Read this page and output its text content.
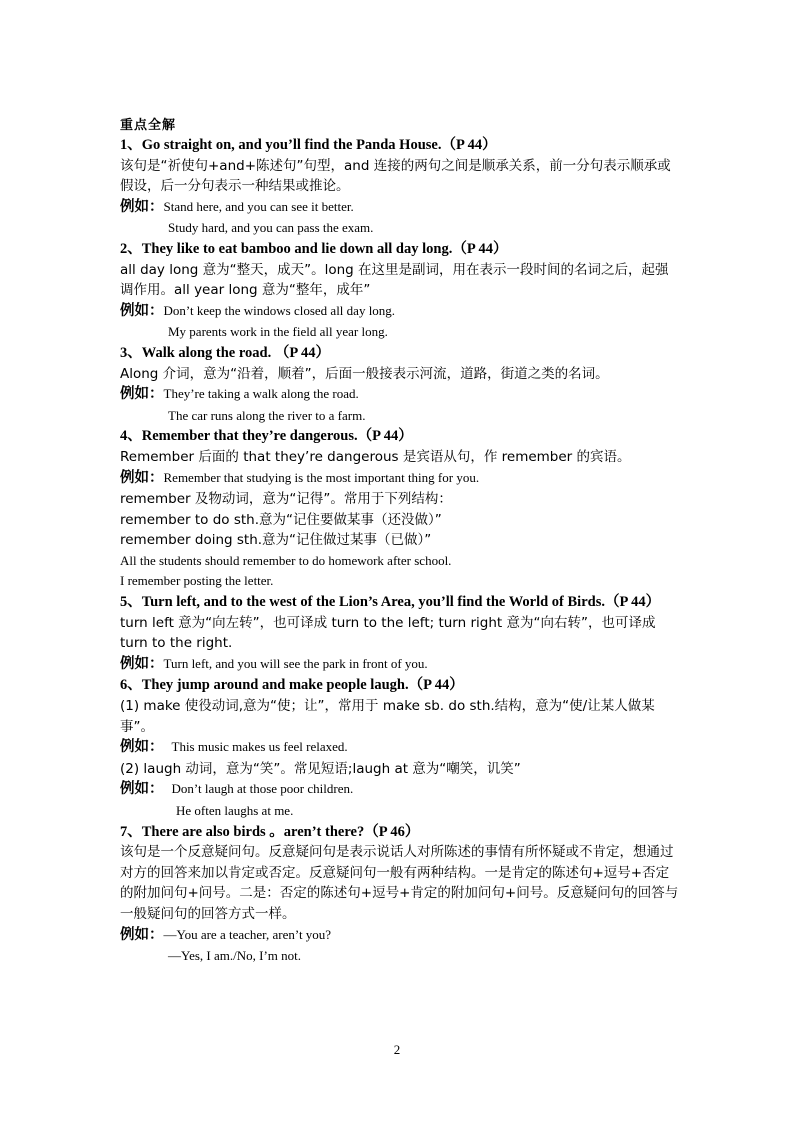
重点全解
1、Go straight on, and you’ll find the Panda House.（P 44）
该句是“祈使句+and+陈述句”句型，and 连接的两句之间是顺承关系，前一分句表示顺承或假设，后一分句表示一种结果或推论。
例如：Stand here, and you can see it better.
Study hard, and you can pass the exam.
2、They like to eat bamboo and lie down all day long.（P 44）
all day long 意为“整天，成天”。long 在这里是副词，用在表示一段时间的名词之后，起强调作用。all year long 意为“整年，成年”
例如：Don’t keep the windows closed all day long.
My parents work in the field all year long.
3、Walk along the road. （P 44）
Along 介词，意为“沿着，顺着”，后面一般接表示河流，道路，街道之类的名词。
例如：They’re taking a walk along the road.
The car runs along the river to a farm.
4、Remember that they’re dangerous.（P 44）
Remember 后面的 that they’re dangerous 是宾语从句，作 remember 的宾语。
例如：Remember that studying is the most important thing for you.
remember 及物动词，意为“记得”。常用于下列结构：
remember to do sth.意为“记住要做某事（还没做）”
remember doing sth.意为“记住做过某事（已做）”
All the students should remember to do homework after school.
I remember posting the letter.
5、Turn left, and to the west of the Lion’s Area, you’ll find the World of Birds.（P 44）
turn left 意为“向左转”，也可译成 turn to the left; turn right 意为“向右转”，也可译成 turn to the right.
例如：Turn left, and you will see the park in front of you.
6、They jump around and make people laugh.（P 44）
(1) make 使役动词,意为“使；让”，常用于 make sb. do sth.结构，意为“使/让某人做某事”。
例如： This music makes us feel relaxed.
(2) laugh 动词，意为“笑”。常见短语;laugh at 意为“嘲笑，讥笑”
例如： Don’t laugh at those poor children.
He often laughs at me.
7、There are also birds 。aren’t there?（P 46）
该句是一个反意疑问句。反意疑问句是表示说话人对所陈述的事情有所怀疑或不肯定，想通过对方的回答来加以肯定或否定。反意疑问句一般有两种结构。一是肯定的陈述句+逗号+否定的附加问句+问号。二是：否定的陈述句+逗号+肯定的附加问句+问号。反意疑问句的回答与一般疑问句的回答方式一样。
例如：—You are a teacher, aren’t you?
—Yes, I am./No, I’m not.
2
